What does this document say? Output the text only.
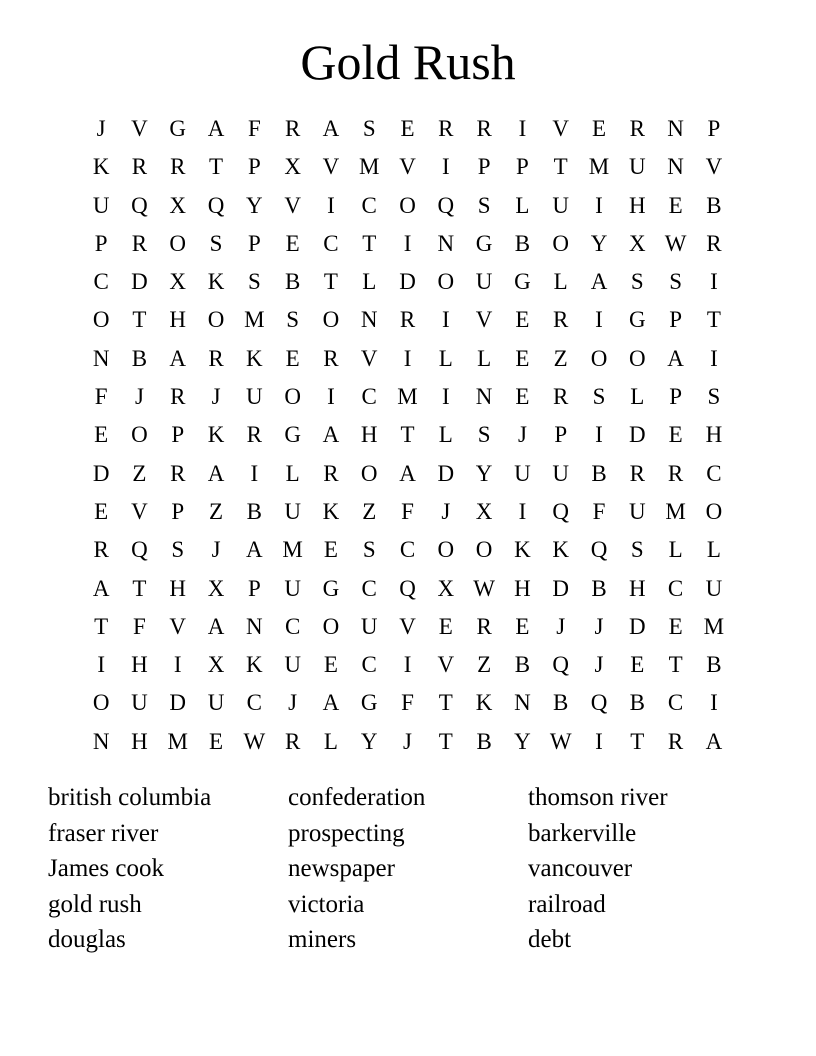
Gold Rush
J	V G A	F	R A	S	E	R R	I	V E	R N	P
K R R	T	P	X V M V	I	P	P	T M U N V
U Q X Q Y V	I	C O Q	S	L U	I	H E	B
P	R O	S	P	E	C	T	I	N G B O Y X W R
C D X K	S	B	T	L D O U G L A	S	S	I
O T H O M S	O N R	I	V E	R	I	G	P	T
N B A R K E	R V	I	L	L	E	Z O O A	I
F	J	R	J	U O	I	C M	I	N E	R	S	L	P	S
E O	P	K R G A H T	L	S	J	P	I	D E H
D Z	R A	I	L	R O A D Y U U B R R C
E V	P	Z	B U K Z	F	J	X	I	Q	F	U M O
R Q	S	J	A M E	S	C O O K K Q	S	L	L
A T H X	P	U G C Q X W H D B H C U
T	F	V A N C O U V E	R	E	J	J	D E M
I	H	I	X K U E	C	I	V Z	B Q	J	E	T	B
O U D U C	J	A G	F	T K N B Q B C	I
N H M E W R	L Y	J	T	B Y W	I	T	R A
british columbia
fraser river
James cook
gold rush
douglas
confederation
prospecting
newspaper
victoria
miners
thomson river
barkerville
vancouver
railroad
debt
